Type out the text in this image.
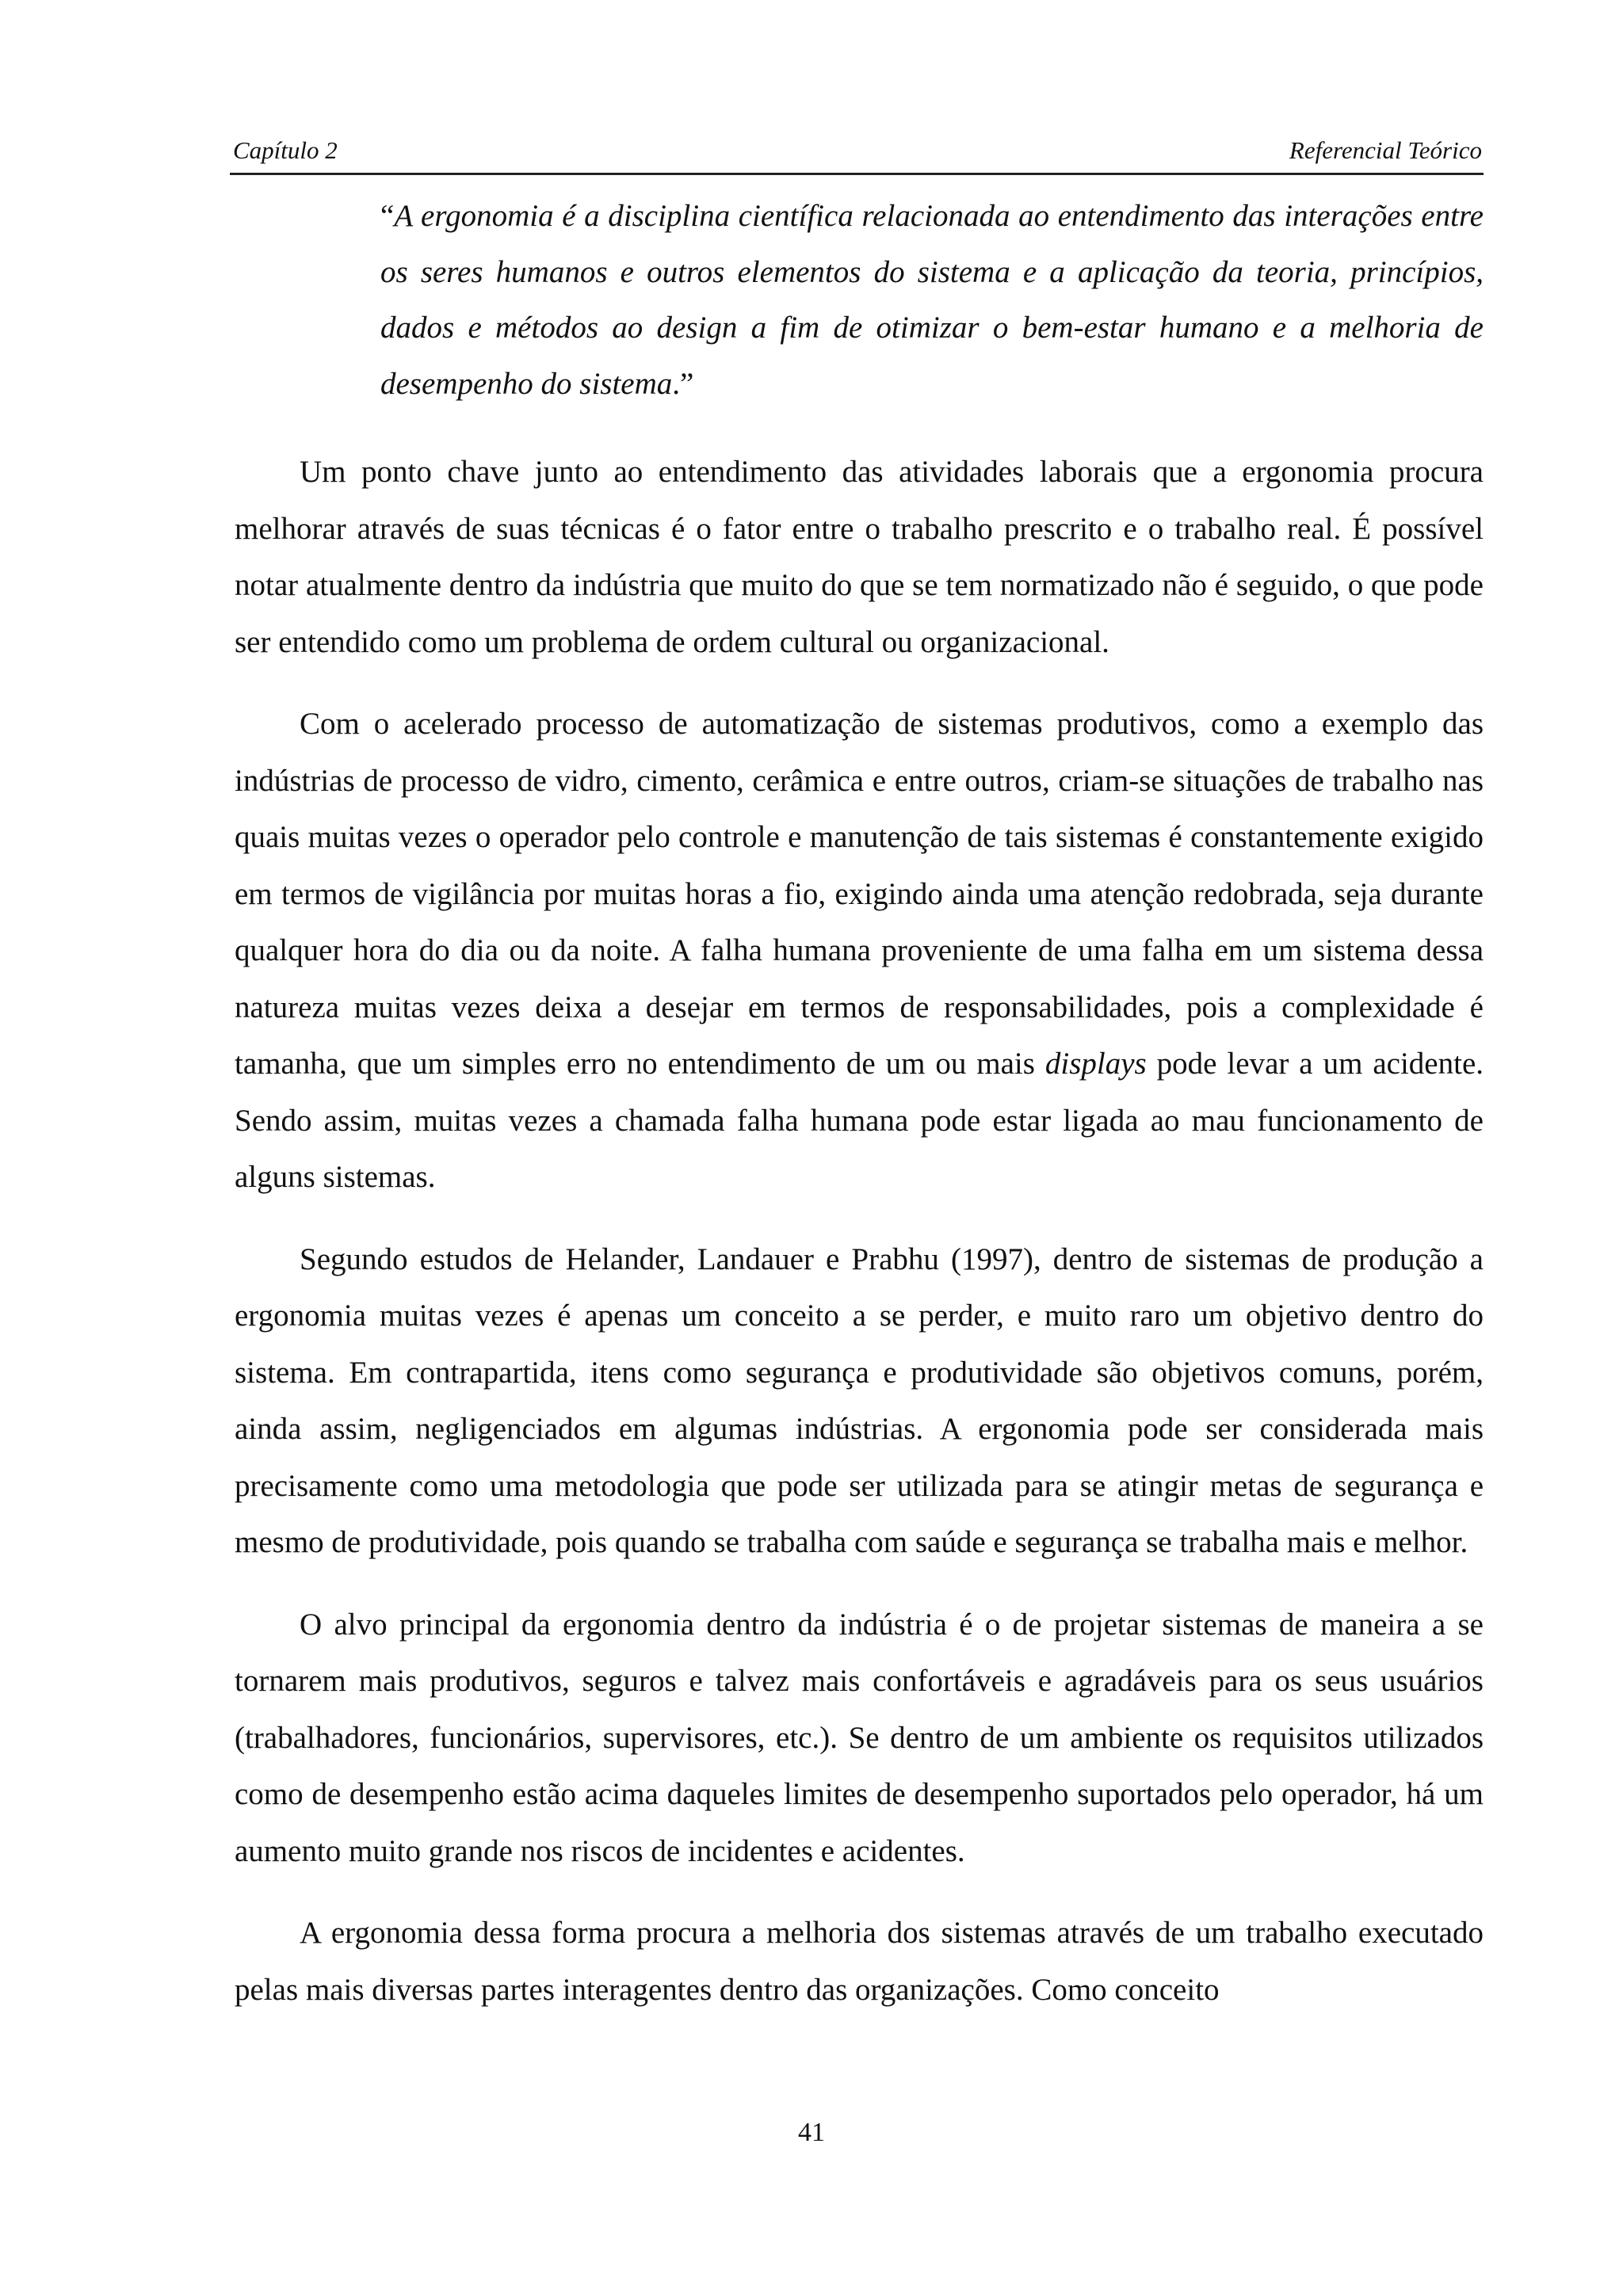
Capítulo 2	Referencial Teórico

“A ergonomia é a disciplina científica relacionada ao entendimento das interações entre os seres humanos e outros elementos do sistema e a aplicação da teoria, princípios, dados e métodos ao design a fim de otimizar o bem-estar humano e a melhoria de desempenho do sistema.”

Um ponto chave junto ao entendimento das atividades laborais que a ergonomia procura melhorar através de suas técnicas é o fator entre o trabalho prescrito e o trabalho real. É possível notar atualmente dentro da indústria que muito do que se tem normatizado não é seguido, o que pode ser entendido como um problema de ordem cultural ou organizacional.

Com o acelerado processo de automatização de sistemas produtivos, como a exemplo das indústrias de processo de vidro, cimento, cerâmica e entre outros, criam-se situações de trabalho nas quais muitas vezes o operador pelo controle e manutenção de tais sistemas é constantemente exigido em termos de vigilância por muitas horas a fio, exigindo ainda uma atenção redobrada, seja durante qualquer hora do dia ou da noite. A falha humana proveniente de uma falha em um sistema dessa natureza muitas vezes deixa a desejar em termos de responsabilidades, pois a complexidade é tamanha, que um simples erro no entendimento de um ou mais displays pode levar a um acidente. Sendo assim, muitas vezes a chamada falha humana pode estar ligada ao mau funcionamento de alguns sistemas.

Segundo estudos de Helander, Landauer e Prabhu (1997), dentro de sistemas de produção a ergonomia muitas vezes é apenas um conceito a se perder, e muito raro um objetivo dentro do sistema. Em contrapartida, itens como segurança e produtividade são objetivos comuns, porém, ainda assim, negligenciados em algumas indústrias. A ergonomia pode ser considerada mais precisamente como uma metodologia que pode ser utilizada para se atingir metas de segurança e mesmo de produtividade, pois quando se trabalha com saúde e segurança se trabalha mais e melhor.

O alvo principal da ergonomia dentro da indústria é o de projetar sistemas de maneira a se tornarem mais produtivos, seguros e talvez mais confortáveis e agradáveis para os seus usuários (trabalhadores, funcionários, supervisores, etc.). Se dentro de um ambiente os requisitos utilizados como de desempenho estão acima daqueles limites de desempenho suportados pelo operador, há um aumento muito grande nos riscos de incidentes e acidentes.

A ergonomia dessa forma procura a melhoria dos sistemas através de um trabalho executado pelas mais diversas partes interagentes dentro das organizações. Como conceito

41
